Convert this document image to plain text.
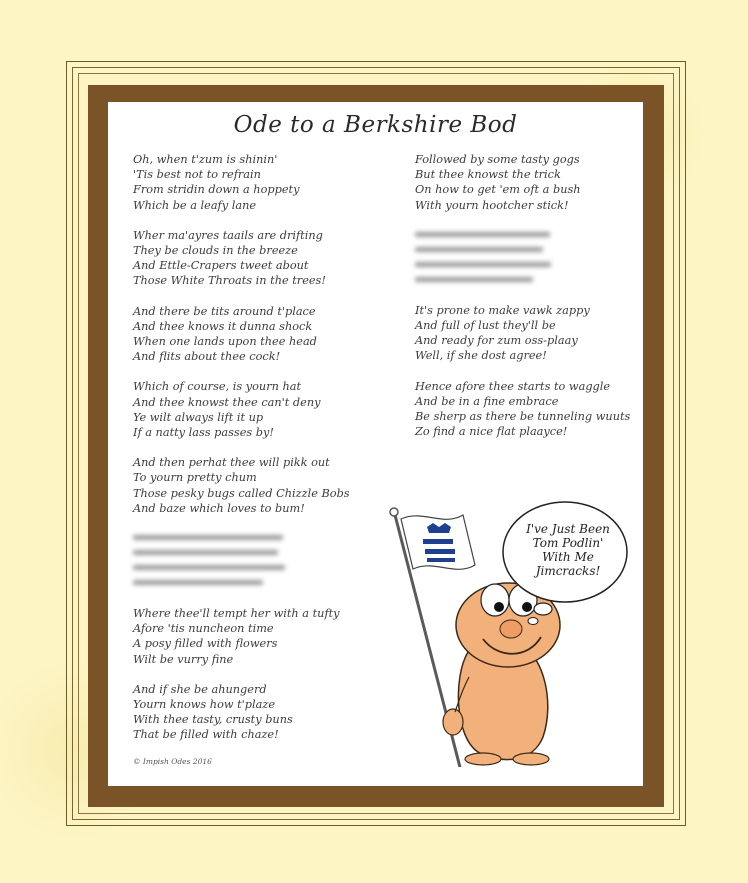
Ode to a Berkshire Bod
Oh, when t'zum is shinin'
'Tis best not to refrain
From stridin down a hoppety
Which be a leafy lane
Wher ma'ayres taails are drifting
They be clouds in the breeze
And Ettle-Crapers tweet about
Those White Throats in the trees!
And there be tits around t'place
And thee knows it dunna shock
When one lands upon thee head
And flits about thee cock!
Which of course, is yourn hat
And thee knowst thee can't deny
Ye wilt always lift it up
If a natty lass passes by!
And then perhat thee will pikk out
To yourn pretty chum
Those pesky bugs called Chizzle Bobs
And baze which loves to bum!
Where thee'll tempt her with a tufty
Afore 'tis nuncheon time
A posy filled with flowers
Wilt be vurry fine
And if she be ahungerd
Yourn knows how t'plaze
With thee tasty, crusty buns
That be filled with chaze!
Followed by some tasty gogs
But thee knowst the trick
On how to get 'em oft a bush
With yourn hootcher stick!
It's prone to make vawk zappy
And full of lust they'll be
And ready for zum oss-plaay
Well, if she dost agree!
Hence afore thee starts to waggle
And be in a fine embrace
Be sherp as there be tunneling wuuts
Zo find a nice flat plaayce!
I've Just Been
Tom Podlin'
With Me
Jimcracks!
© Impish Odes 2016
